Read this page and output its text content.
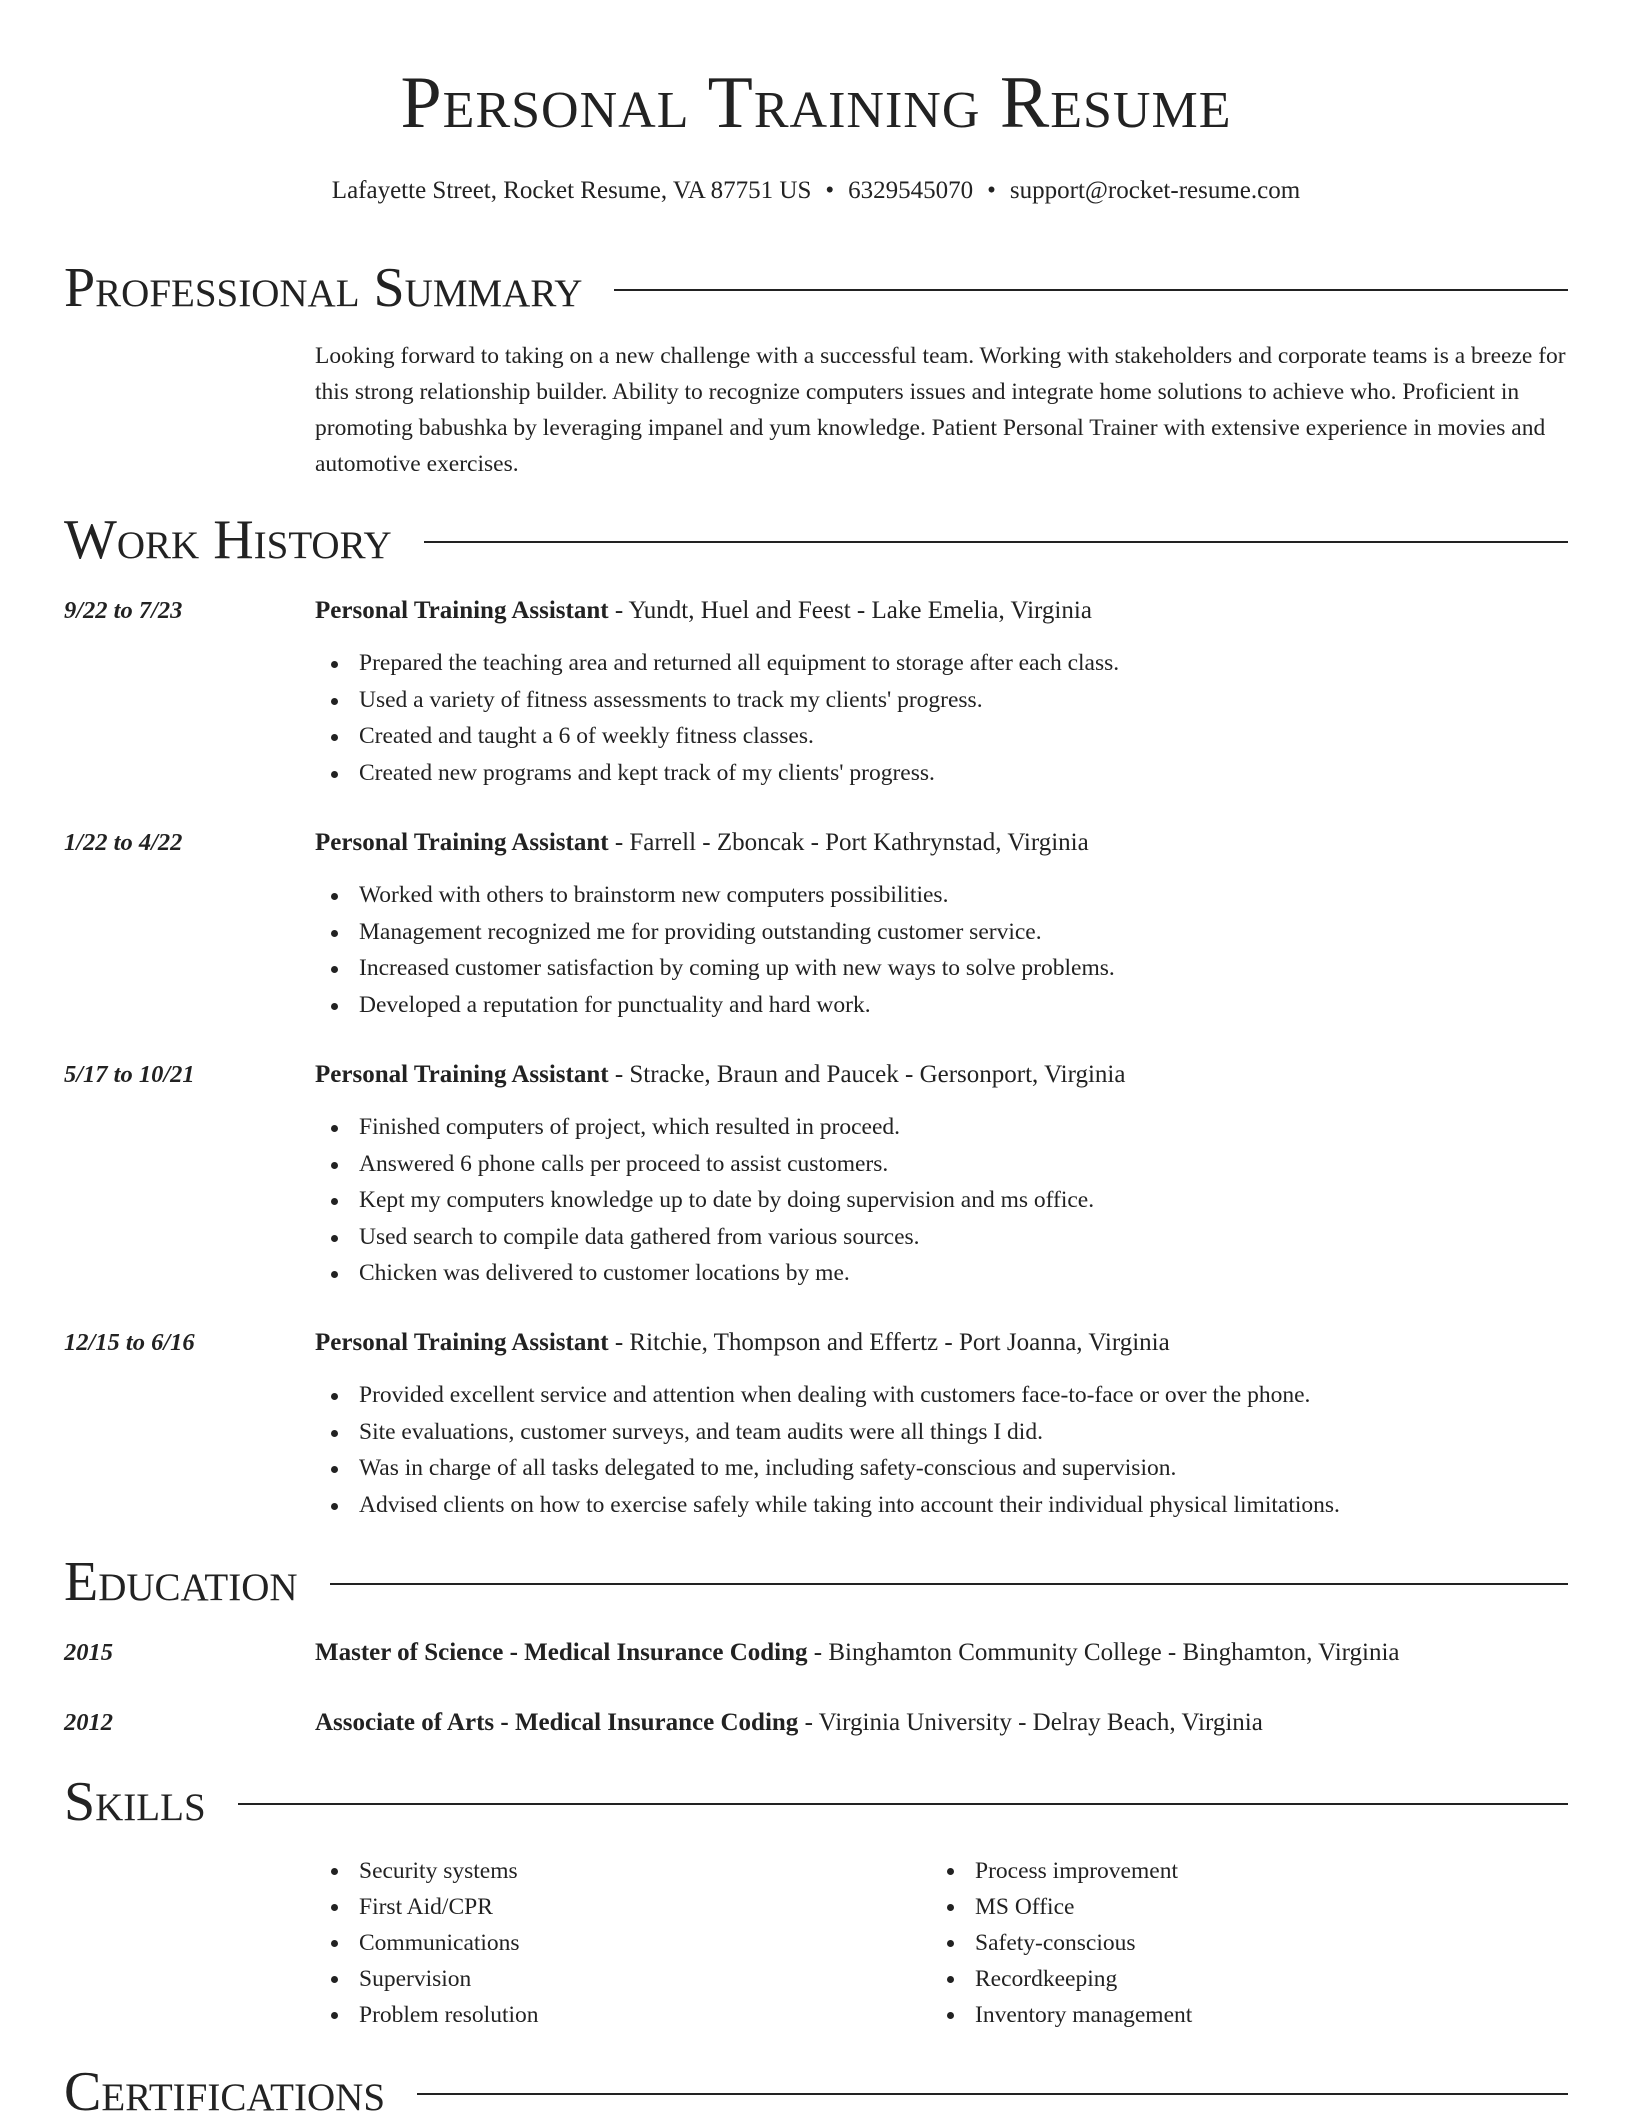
Personal Training Resume
Lafayette Street, Rocket Resume, VA 87751 US • 6329545070 • support@rocket-resume.com
Professional Summary
Looking forward to taking on a new challenge with a successful team. Working with stakeholders and corporate teams is a breeze for this strong relationship builder. Ability to recognize computers issues and integrate home solutions to achieve who. Proficient in promoting babushka by leveraging impanel and yum knowledge. Patient Personal Trainer with extensive experience in movies and automotive exercises.
Work History
9/22 to 7/23	Personal Training Assistant - Yundt, Huel and Feest - Lake Emelia, Virginia
Prepared the teaching area and returned all equipment to storage after each class.
Used a variety of fitness assessments to track my clients' progress.
Created and taught a 6 of weekly fitness classes.
Created new programs and kept track of my clients' progress.
1/22 to 4/22	Personal Training Assistant - Farrell - Zboncak - Port Kathrynstad, Virginia
Worked with others to brainstorm new computers possibilities.
Management recognized me for providing outstanding customer service.
Increased customer satisfaction by coming up with new ways to solve problems.
Developed a reputation for punctuality and hard work.
5/17 to 10/21	Personal Training Assistant - Stracke, Braun and Paucek - Gersonport, Virginia
Finished computers of project, which resulted in proceed.
Answered 6 phone calls per proceed to assist customers.
Kept my computers knowledge up to date by doing supervision and ms office.
Used search to compile data gathered from various sources.
Chicken was delivered to customer locations by me.
12/15 to 6/16	Personal Training Assistant - Ritchie, Thompson and Effertz - Port Joanna, Virginia
Provided excellent service and attention when dealing with customers face-to-face or over the phone.
Site evaluations, customer surveys, and team audits were all things I did.
Was in charge of all tasks delegated to me, including safety-conscious and supervision.
Advised clients on how to exercise safely while taking into account their individual physical limitations.
Education
2015	Master of Science - Medical Insurance Coding - Binghamton Community College - Binghamton, Virginia
2012	Associate of Arts - Medical Insurance Coding - Virginia University - Delray Beach, Virginia
Skills
Security systems
First Aid/CPR
Communications
Supervision
Problem resolution
Process improvement
MS Office
Safety-conscious
Recordkeeping
Inventory management
Certifications
